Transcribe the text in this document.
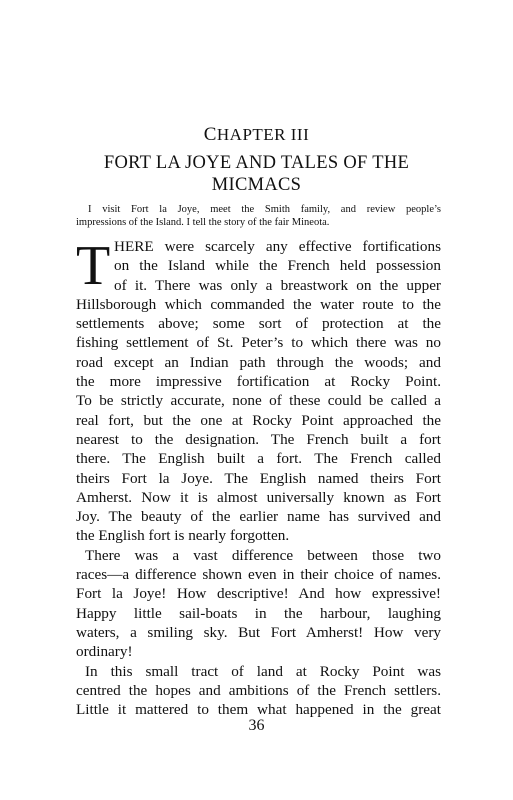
CHAPTER III
FORT LA JOYE AND TALES OF THE
MICMACS
I visit Fort la Joye, meet the Smith family, and review people’s
impressions of the Island. I tell the story of the fair Mineota.
T HERE were scarcely any effective fortifications
on the Island while the French held possession
of it. There was only a breastwork on the upper
Hillsborough which commanded the water route to the
settlements above; some sort of protection at the
fishing settlement of St. Peter’s to which there was no
road except an Indian path through the woods; and
the more impressive fortification at Rocky Point.
To be strictly accurate, none of these could be called a
real fort, but the one at Rocky Point approached the
nearest to the designation. The French built a fort
there. The English built a fort. The French called
theirs Fort la Joye. The English named theirs Fort
Amherst. Now it is almost universally known as Fort
Joy. The beauty of the earlier name has survived and
the English fort is nearly forgotten.
There was a vast difference between those two
races—a difference shown even in their choice of names.
Fort la Joye! How descriptive! And how expressive!
Happy little sail-boats in the harbour, laughing
waters, a smiling sky. But Fort Amherst! How very
ordinary!
In this small tract of land at Rocky Point was
centred the hopes and ambitions of the French settlers.
Little it mattered to them what happened in the great
36
